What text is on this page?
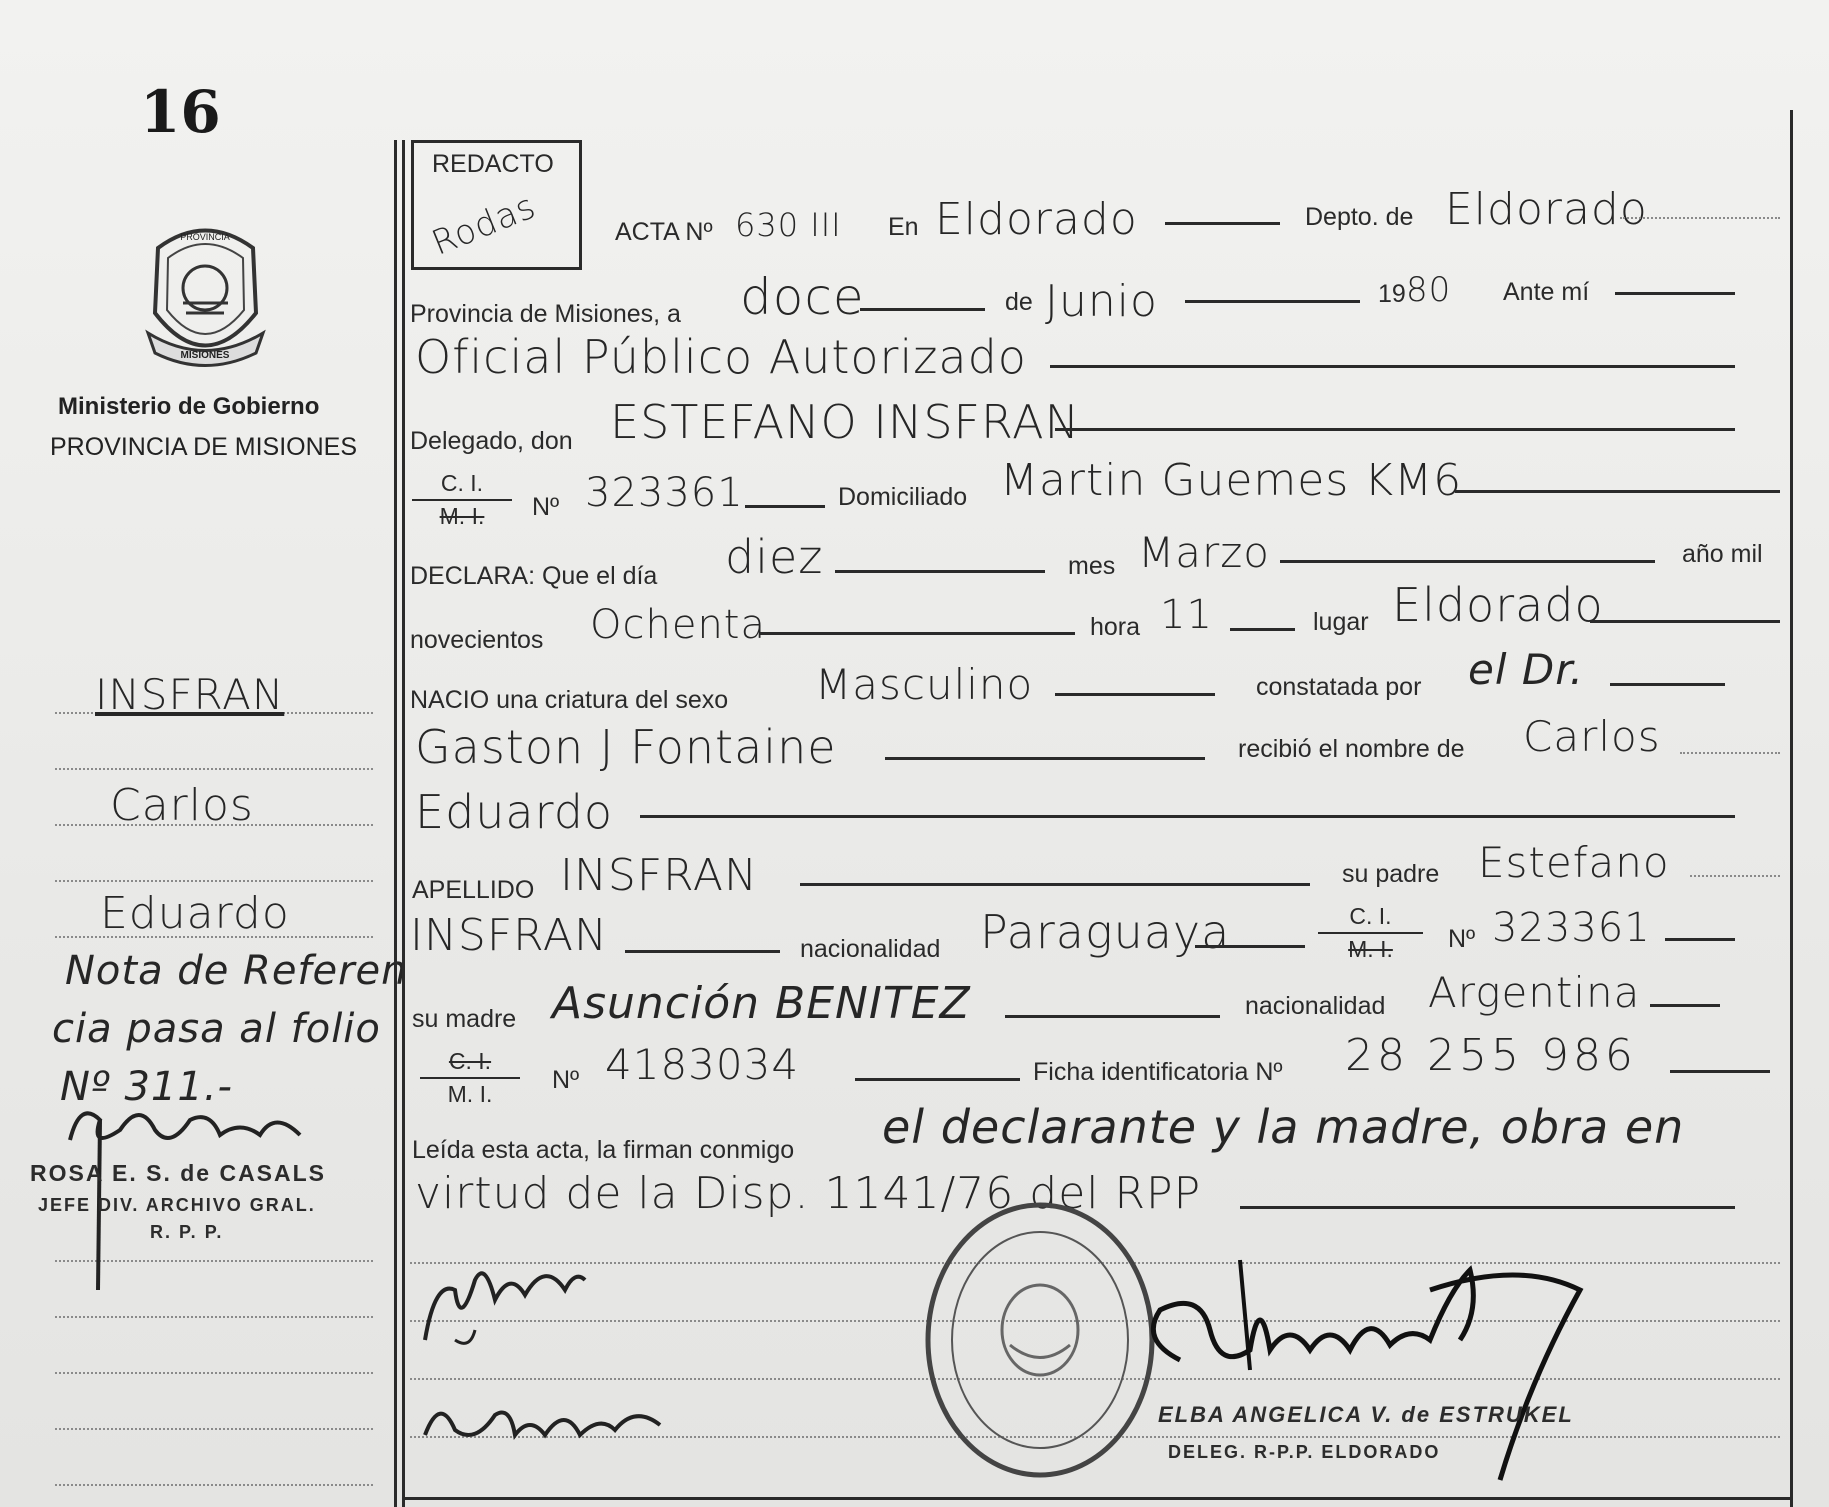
16
PROVINCIA
MISIONES
Ministerio de Gobierno
PROVINCIA DE MISIONES
INSFRAN
Carlos
Eduardo
Nota de Referen
cia pasa al folio
Nº 311.-
ROSA E. S. de CASALS
JEFE DIV. ARCHIVO GRAL.
R. P. P.
REDACTO
Rodas	ACTA Nº 630 III En Eldorado	Depto. de Eldorado
Provincia de Misiones, a doce	de Junio	19 80 Ante mí
Oficial Público Autorizado
Delegado, don ESTEFANO INSFRAN
C. I.
M. I.	Nº 323361	Domiciliado Martin Guemes KM6
DECLARA: Que el día diez	mes Marzo	año mil
novecientos Ochenta	hora 11	lugar Eldorado
NACIO una criatura del sexo Masculino	constatada por el Dr.
Gaston J Fontaine	recibió el nombre de Carlos
Eduardo
APELLIDO INSFRAN	su padre Estefano
INSFRAN	nacionalidad Paraguaya	C. I.
M. I.	Nº 323361
su madre Asunción BENITEZ	nacionalidad Argentina
C. I.
M. I.	Nº 4183034	Ficha identificatoria Nº 28 255 986
Leída esta acta, la firman conmigo el declarante y la madre, obra en
virtud de la Disp. 1141/76 del RPP
ELBA ANGELICA V. de ESTRUKEL
DELEG. R-P.P. ELDORADO
